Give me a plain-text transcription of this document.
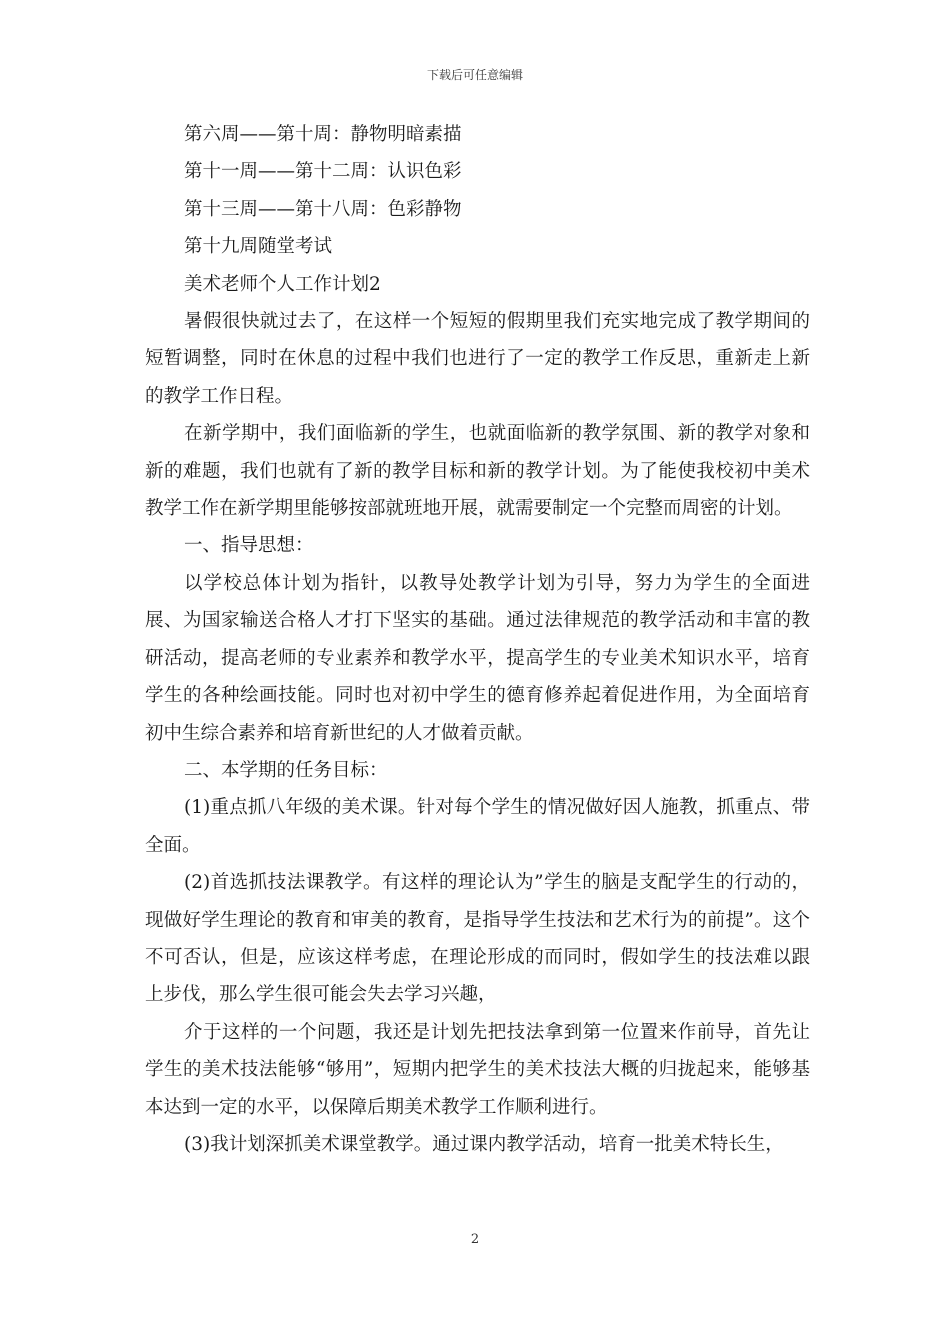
下载后可任意编辑

第六周——第十周：静物明暗素描

第十一周——第十二周：认识色彩

第十三周——第十八周：色彩静物

第十九周随堂考试

美术老师个人工作计划2

暑假很快就过去了，在这样一个短短的假期里我们充实地完成了教学期间的短暂调整，同时在休息的过程中我们也进行了一定的教学工作反思，重新走上新的教学工作日程。

在新学期中，我们面临新的学生，也就面临新的教学氛围、新的教学对象和新的难题，我们也就有了新的教学目标和新的教学计划。为了能使我校初中美术教学工作在新学期里能够按部就班地开展，就需要制定一个完整而周密的计划。

一、指导思想：

以学校总体计划为指针，以教导处教学计划为引导，努力为学生的全面进展、为国家输送合格人才打下坚实的基础。通过法律规范的教学活动和丰富的教研活动，提高老师的专业素养和教学水平，提高学生的专业美术知识水平，培育学生的各种绘画技能。同时也对初中学生的德育修养起着促进作用，为全面培育初中生综合素养和培育新世纪的人才做着贡献。

二、本学期的任务目标：

(1)重点抓八年级的美术课。针对每个学生的情况做好因人施教，抓重点、带全面。

(2)首选抓技法课教学。有这样的理论认为”学生的脑是支配学生的行动的，现做好学生理论的教育和审美的教育，是指导学生技法和艺术行为的前提”。这个不可否认，但是，应该这样考虑，在理论形成的而同时，假如学生的技法难以跟上步伐，那么学生很可能会失去学习兴趣，

介于这样的一个问题，我还是计划先把技法拿到第一位置来作前导，首先让学生的美术技法能够“够用”，短期内把学生的美术技法大概的归拢起来，能够基本达到一定的水平，以保障后期美术教学工作顺利进行。

(3)我计划深抓美术课堂教学。通过课内教学活动，培育一批美术特长生，

2
